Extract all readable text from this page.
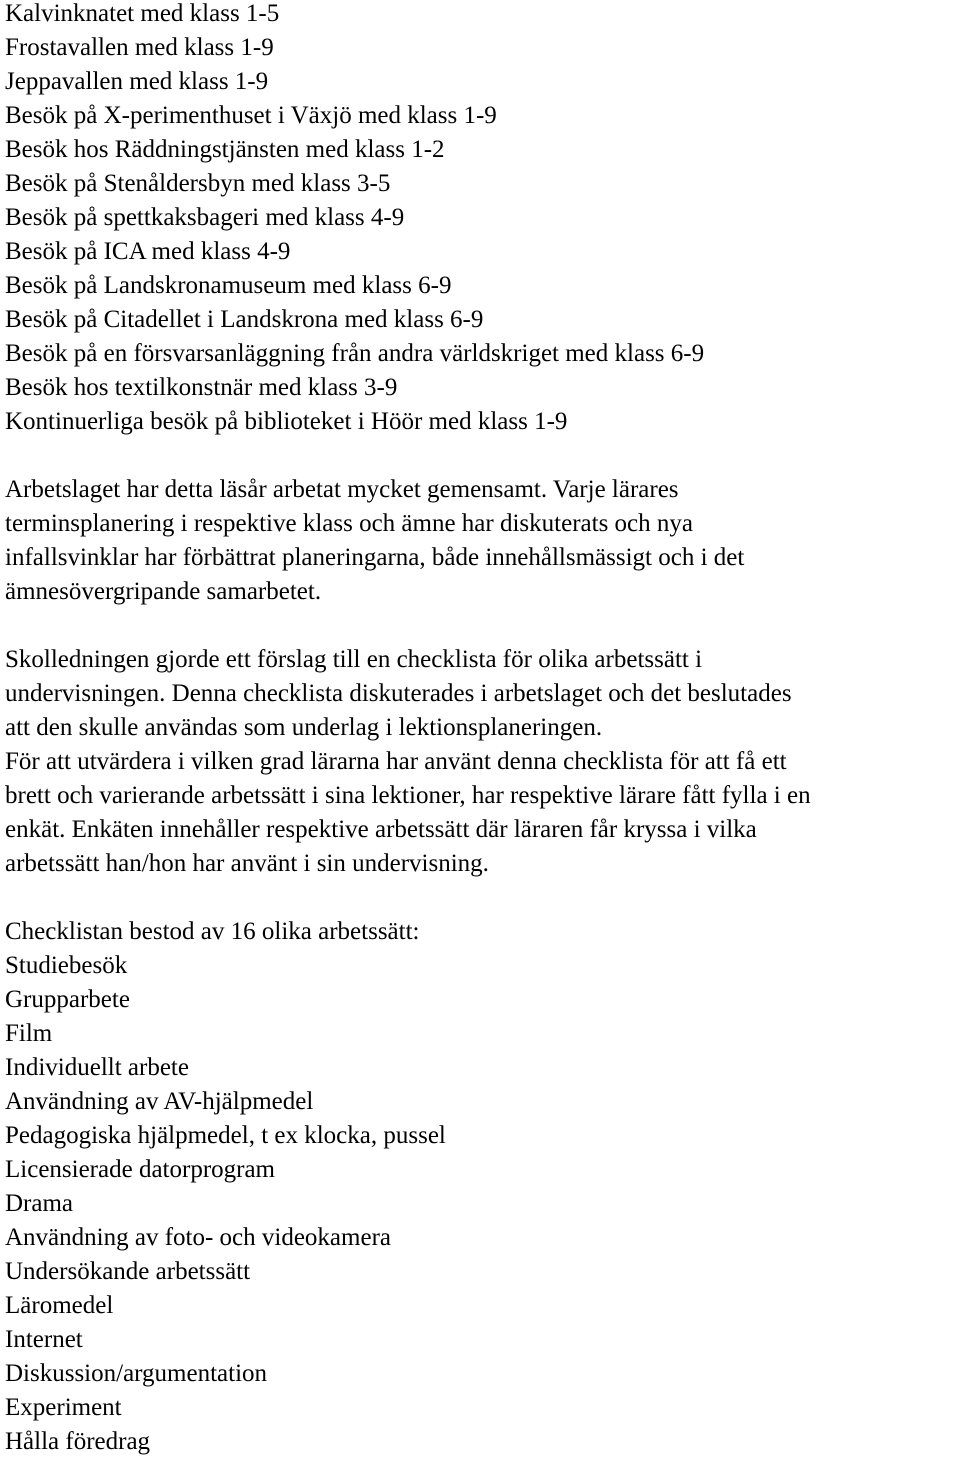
Kalvinknatet med klass 1-5
Frostavallen med klass 1-9
Jeppavallen med klass 1-9
Besök på X-perimenthuset i Växjö med klass 1-9
Besök hos Räddningstjänsten med klass 1-2
Besök på Stenåldersbyn med klass 3-5
Besök på spettkaksbageri med klass 4-9
Besök på ICA med klass 4-9
Besök på Landskronamuseum med klass 6-9
Besök på Citadellet i Landskrona med klass 6-9
Besök på en försvarsanläggning från andra världskriget med klass 6-9
Besök hos textilkonstnär med klass 3-9
Kontinuerliga besök på biblioteket i Höör med klass 1-9
Arbetslaget har detta läsår arbetat mycket gemensamt. Varje lärares
terminsplanering i respektive klass och ämne har diskuterats och nya
infallsvinklar har förbättrat planeringarna, både innehållsmässigt och i det
ämnesövergripande samarbetet.
Skolledningen gjorde ett förslag till en checklista för olika arbetssätt i
undervisningen. Denna checklista diskuterades i arbetslaget och det beslutades
att den skulle användas som underlag i lektionsplaneringen.
För att utvärdera i vilken grad lärarna har använt denna checklista för att få ett
brett och varierande arbetssätt i sina lektioner, har respektive lärare fått fylla i en
enkät. Enkäten innehåller respektive arbetssätt där läraren får kryssa i vilka
arbetssätt han/hon har använt i sin undervisning.
Checklistan bestod av 16 olika arbetssätt:
Studiebesök
Grupparbete
Film
Individuellt arbete
Användning av AV-hjälpmedel
Pedagogiska hjälpmedel, t ex klocka, pussel
Licensierade datorprogram
Drama
Användning av foto- och videokamera
Undersökande arbetssätt
Läromedel
Internet
Diskussion/argumentation
Experiment
Hålla föredrag
